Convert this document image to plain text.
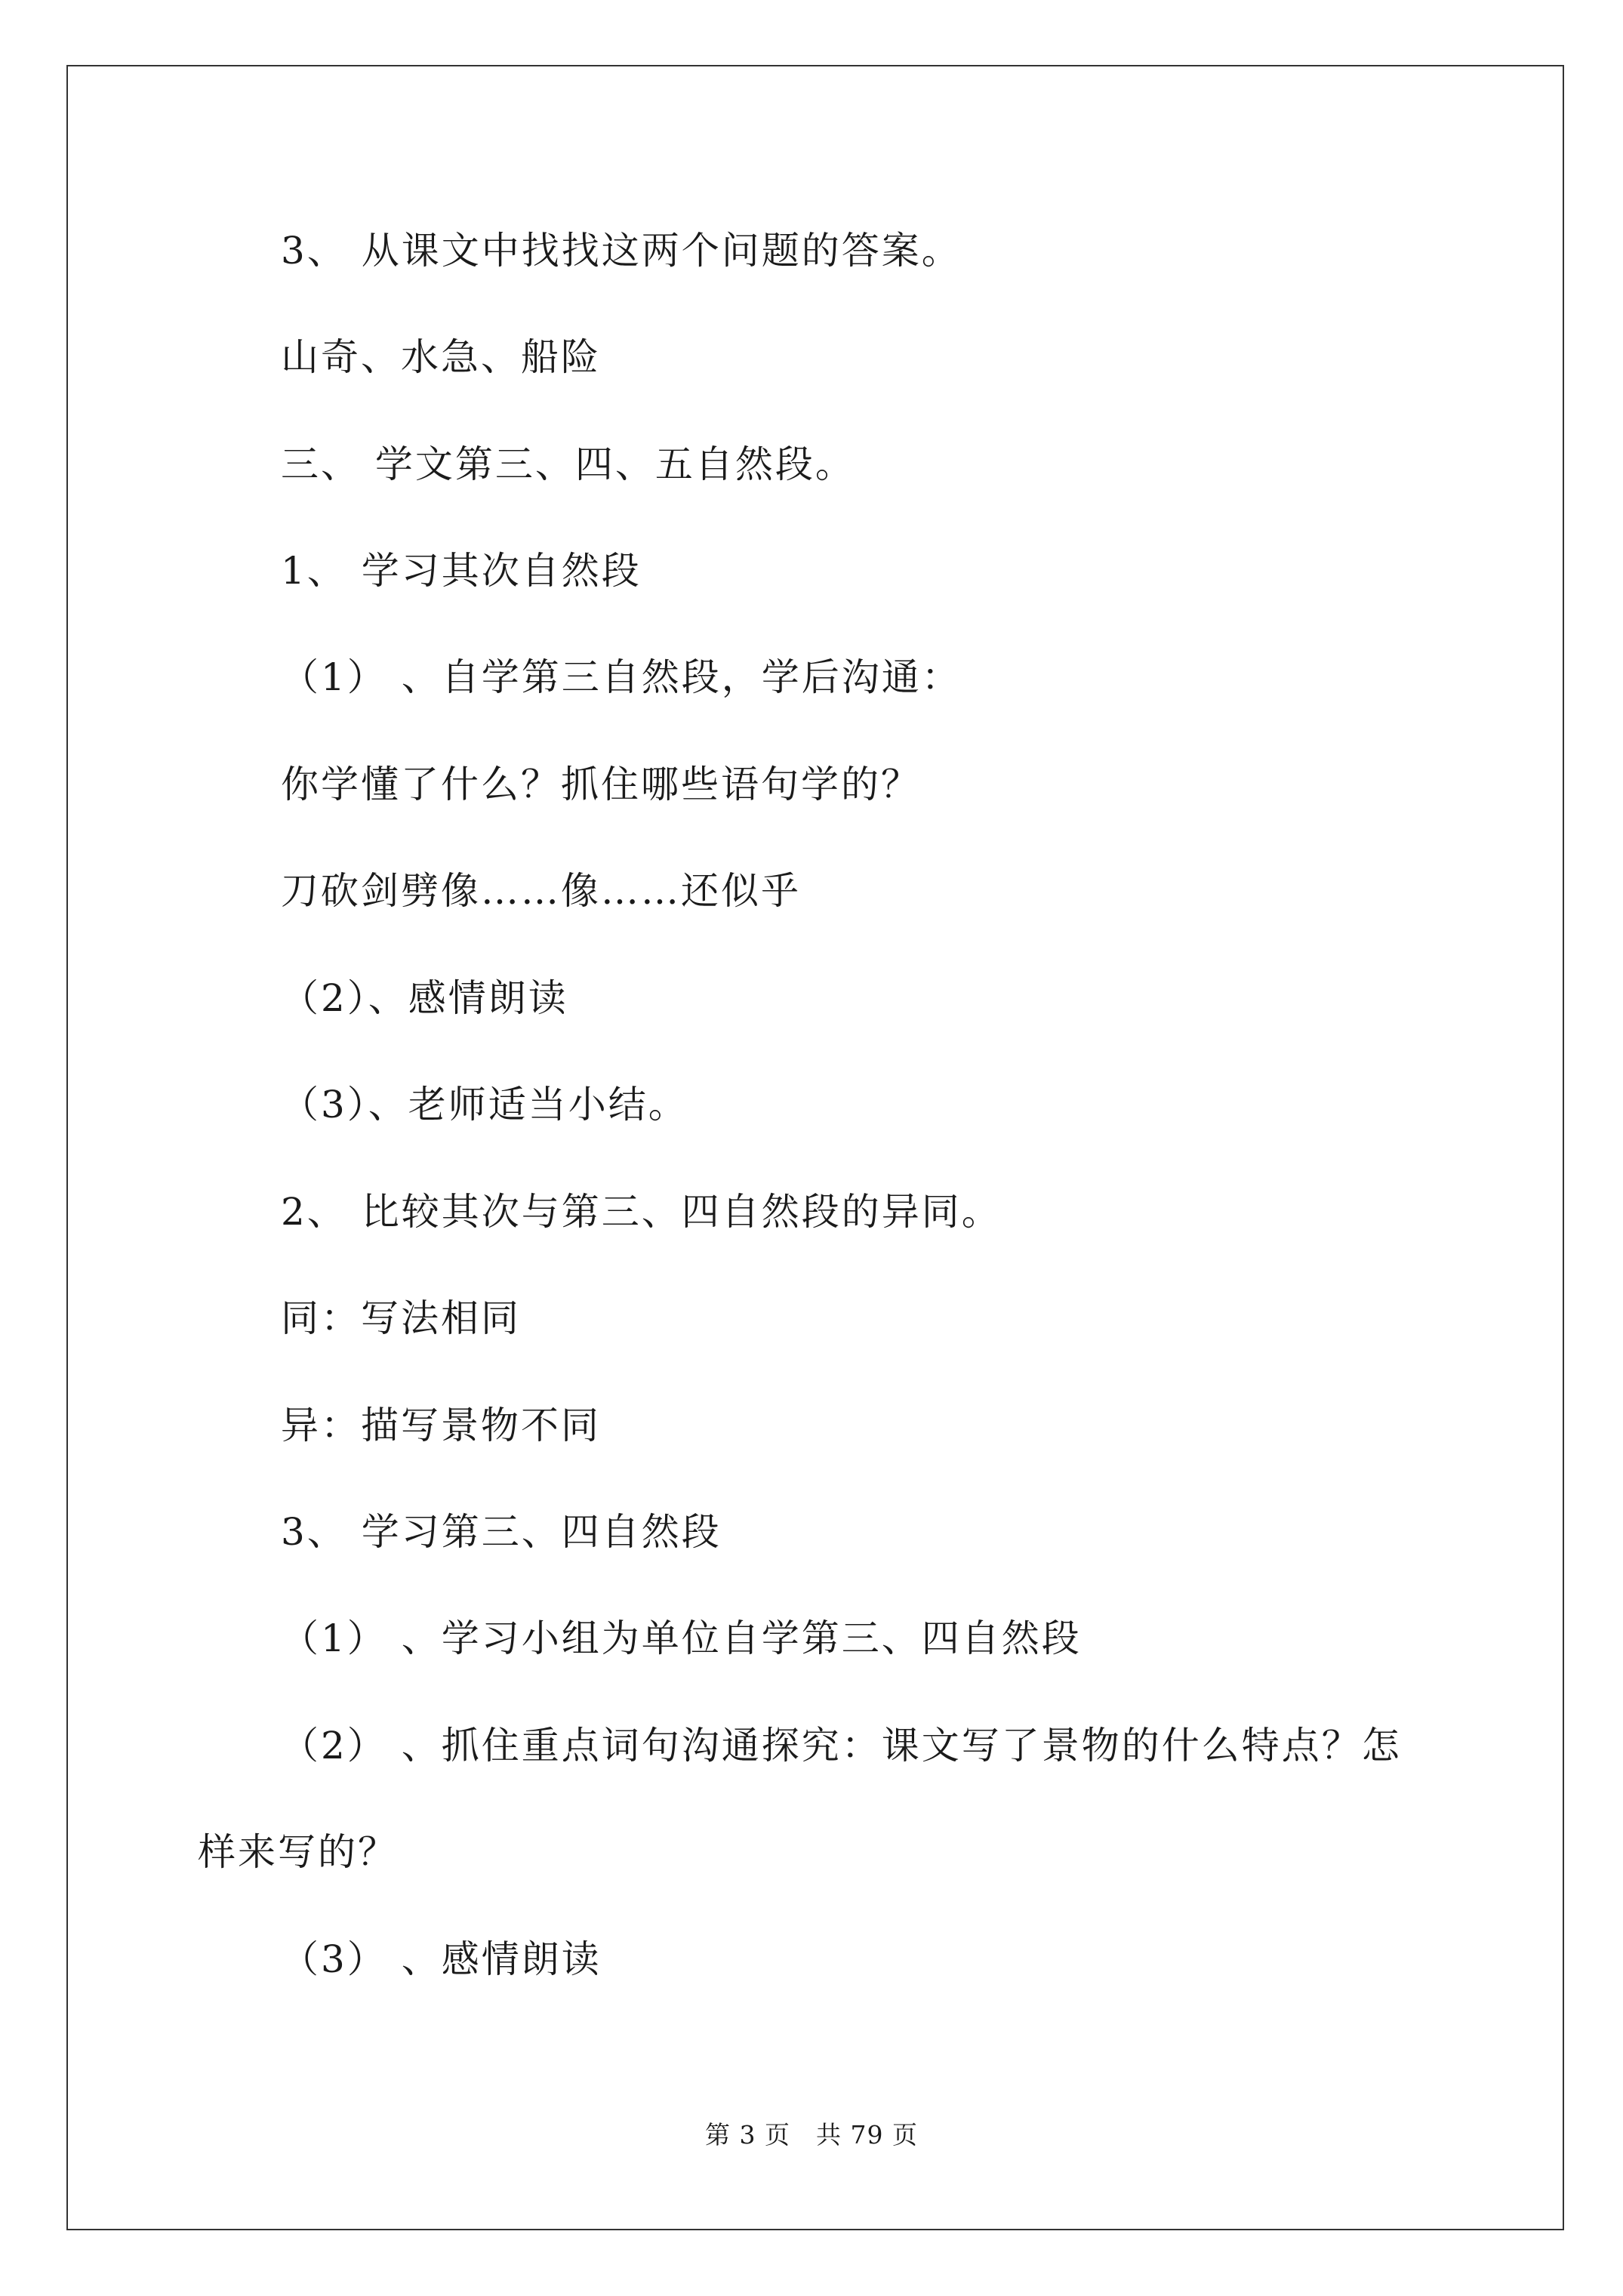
3、 从课文中找找这两个问题的答案。
山奇、水急、船险
三、 学文第三、四、五自然段。
1、 学习其次自然段
（1） 、自学第三自然段，学后沟通：
你学懂了什么？抓住哪些语句学的？
刀砍剑劈像……像……还似乎
（2）、感情朗读
（3）、老师适当小结。
2、 比较其次与第三、四自然段的异同。
同：写法相同
异：描写景物不同
3、 学习第三、四自然段
（1） 、学习小组为单位自学第三、四自然段
（2） 、抓住重点词句沟通探究：课文写了景物的什么特点？怎
样来写的？
（3） 、感情朗读
第 3 页　共 79 页
